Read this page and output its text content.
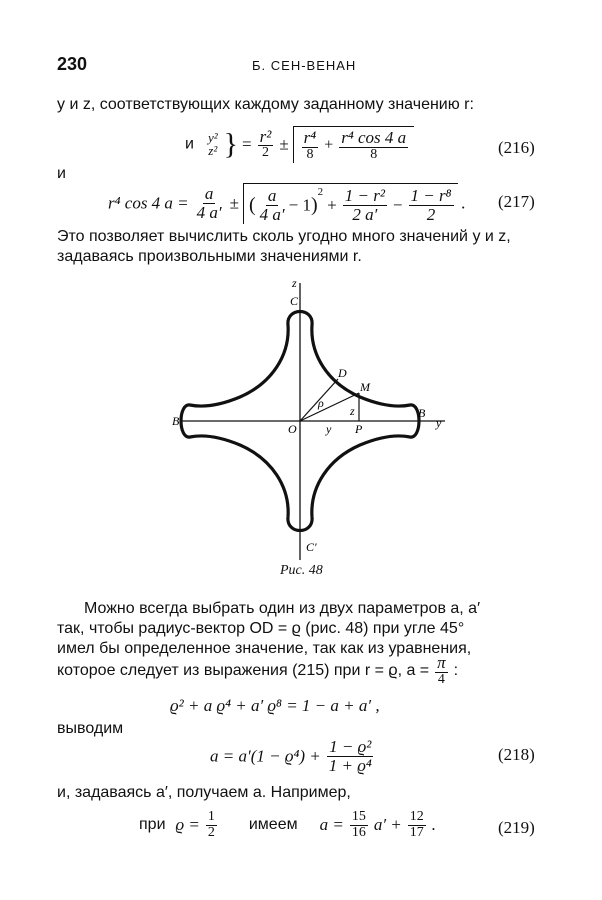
230	Б. СЕН-ВЕНАН
y и z, соответствующих каждому заданному значению r:
и y²
z² } = $\frac{\text{r²}}{2} \pm \frac{\text{r⁴}}{8} + \frac{\text{r⁴ cos 4 a}}{8}$	(216)
и
r⁴ cos 4 $a = \frac{a}{4 a'}$ ± ( $\frac{a}{4 a'} - 1)^2 + \frac{\text{1 − r²}}{2 a'} - \frac{\text{1 − r⁸}}{2}$ . (217)
Это позволяет вычислить сколь угодно много значений y и z,
задаваясь произвольными значениями r.
z
C
C′
D
M
ρ
z
B′
O y P
B
y
Рис. 48
Можно всегда выбрать один из двух параметров a, a′
так, чтобы радиус-вектор OD = ϱ (рис. 48) при угле 45°
имел бы определенное значение, так как из уравнения,
которое следует из выражения (215) при r = ϱ, $a = \frac{\pi}{4}$ :
ϱ² + a ϱ⁴ + a′ ϱ⁸ = 1 − a + a′ ,
выводим
$a = a'(1 - ϱ^4) + \frac{\text{1 − ϱ²}}{\text{1 + ϱ⁴}}$	(218)
и, задаваясь a′, получаем a. Например,
при $ϱ = \frac{1}{2}$ имеем $a = \frac{15}{16} a' + \frac{12}{17}$ .	(219)
